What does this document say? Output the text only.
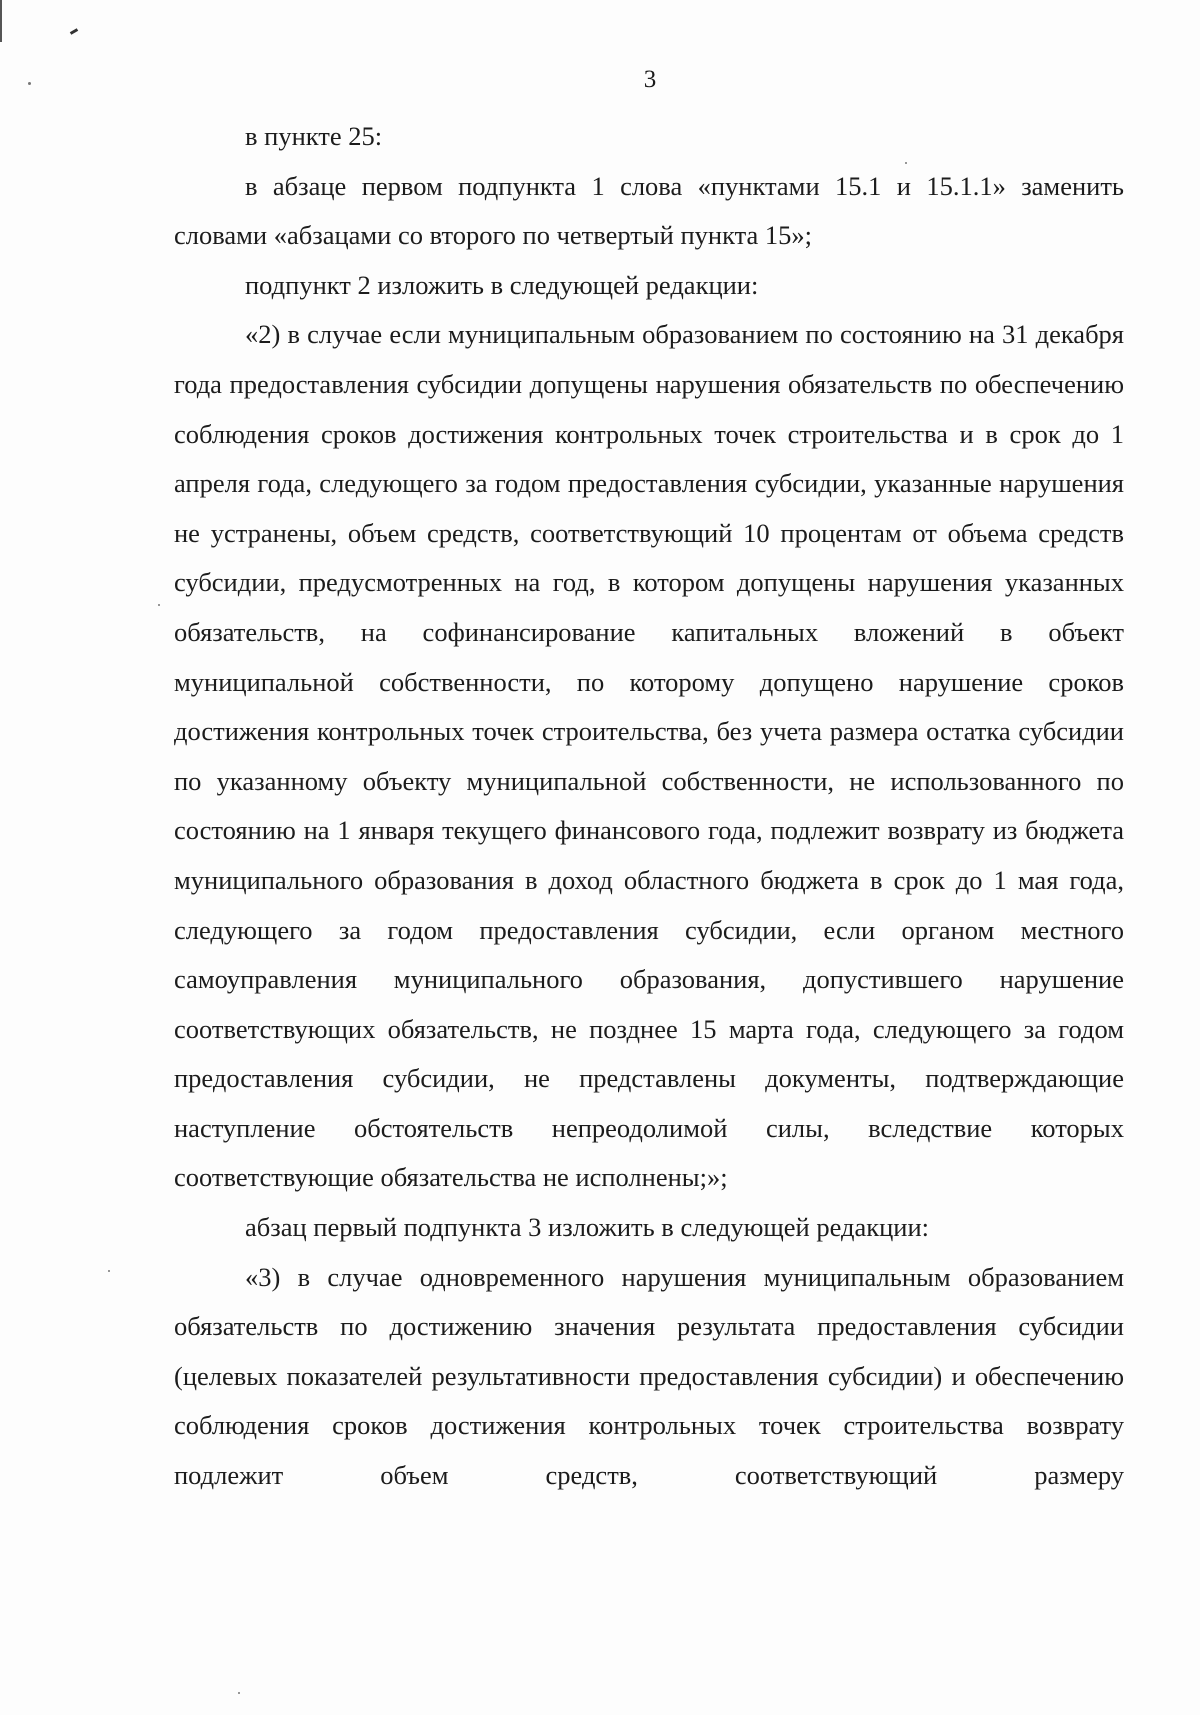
3

в пункте 25:

в абзаце первом подпункта 1 слова «пунктами 15.1 и 15.1.1» заменить словами «абзацами со второго по четвертый пункта 15»;

подпункт 2 изложить в следующей редакции:

«2) в случае если муниципальным образованием по состоянию на 31 декабря года предоставления субсидии допущены нарушения обязательств по обеспечению соблюдения сроков достижения контрольных точек строительства и в срок до 1 апреля года, следующего за годом предоставления субсидии, указанные нарушения не устранены, объем средств, соответствующий 10 процентам от объема средств субсидии, предусмотренных на год, в котором допущены нарушения указанных обязательств, на софинансирование капитальных вложений в объект муниципальной собственности, по которому допущено нарушение сроков достижения контрольных точек строительства, без учета размера остатка субсидии по указанному объекту муниципальной собственности, не использованного по состоянию на 1 января текущего финансового года, подлежит возврату из бюджета муниципального образования в доход областного бюджета в срок до 1 мая года, следующего за годом предоставления субсидии, если органом местного самоуправления муниципального образования, допустившего нарушение соответствующих обязательств, не позднее 15 марта года, следующего за годом предоставления субсидии, не представлены документы, подтверждающие наступление обстоятельств непреодолимой силы, вследствие которых соответствующие обязательства не исполнены;»;

абзац первый подпункта 3 изложить в следующей редакции:

«3) в случае одновременного нарушения муниципальным образованием обязательств по достижению значения результата предоставления субсидии (целевых показателей результативности предоставления субсидии) и обеспечению соблюдения сроков достижения контрольных точек строительства возврату подлежит объем средств, соответствующий размеру
